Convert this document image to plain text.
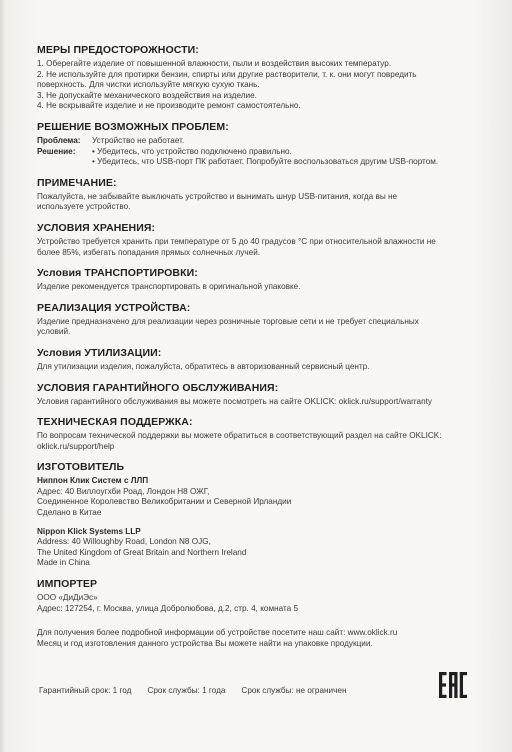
МЕРЫ ПРЕДОСТОРОЖНОСТИ:

1. Оберегайте изделие от повышенной влажности, пыли и воздействия высоких температур.

2. Не используйте для протирки бензин, спирты или другие растворители, т. к. они могут повредить

поверхность. Для чистки используйте мягкую сухую ткань.

3. Не допускайте механического воздействия на изделие.

4. Не вскрывайте изделие и не производите ремонт самостоятельно.

РЕШЕНИЕ ВОЗМОЖНЫХ ПРОБЛЕМ:
Проблема:	Устройство не работает.
Решение:	• Убедитесь, что устройство подключено правильно.
• Убедитесь, что USB-порт ПК работает. Попробуйте воспользоваться другим USB-портом.
ПРИМЕЧАНИЕ:

Пожалуйста, не забывайте выключать устройство и вынимать шнур USB-питания, когда вы не

используете устройство.

УСЛОВИЯ ХРАНЕНИЯ:

Устройство требуется хранить при температуре от 5 до 40 градусов °С при относительной влажности не

более 85%, избегать попадания прямых солнечных лучей.

Условия ТРАНСПОРТИРОВКИ:

Изделие рекомендуется транспортировать в оригинальной упаковке.

РЕАЛИЗАЦИЯ УСТРОЙСТВА:

Изделие предназначено для реализации через розничные торговые сети и не требует специальных

условий.

Условия УТИЛИЗАЦИИ:

Для утилизации изделия, пожалуйста, обратитесь в авторизованный сервисный центр.

УСЛОВИЯ ГАРАНТИЙНОГО ОБСЛУЖИВАНИЯ:

Условия гарантийного обслуживания вы можете посмотреть на сайте OKLICK: oklick.ru/support/warranty

ТЕХНИЧЕСКАЯ ПОДДЕРЖКА:

По вопросам технической поддержки вы можете обратиться в соответствующий раздел на сайте OKLICK:

oklick.ru/support/help

ИЗГОТОВИТЕЛЬ

Ниппон Клик Систем с ЛЛП

Адрес: 40 Виллоугхби Роад, Лондон Н8 ОЖГ,

Соединенное Королевство Великобритании и Северной Ирландии

Сделано в Китае

Nippon Klick Systems LLP

Address: 40 Willoughby Road, London N8 OJG,

The United Kingdom of Great Britain and Northern Ireland

Made in China

ИМПОРТЕР

ООО «ДиДиЭс»

Адрес: 127254, г. Москва, улица Добролюбова, д.2, стр. 4, комната 5

Для получения более подробной информации об устройстве посетите наш сайт: www.oklick.ru

Месяц и год изготовления данного устройства Вы можете найти на упаковке продукции.

Гарантийный срок: 1 год Срок службы: 1 года Срок службы: не ограничен
